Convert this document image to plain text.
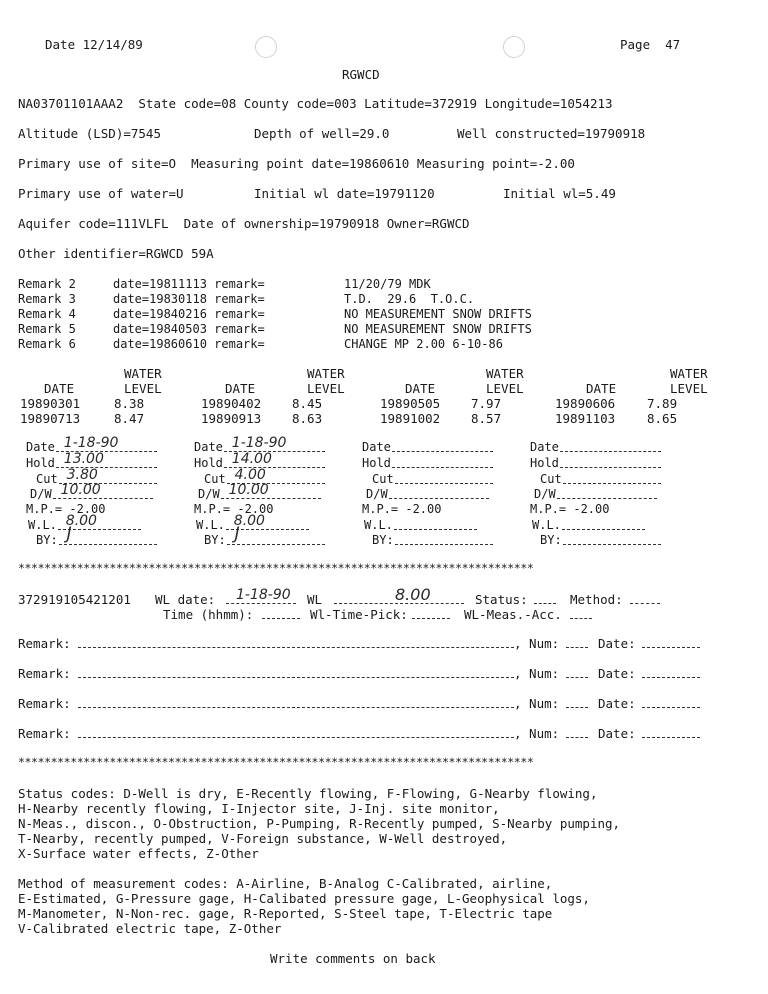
Date 12/14/89	Page  47
RGWCD
NA03701101AAA2  State code=08 County code=003 Latitude=372919 Longitude=1054213
Altitude (LSD)=7545	Depth of well=29.0	Well constructed=19790918
Primary use of site=O  Measuring point date=19860610 Measuring point=-2.00
Primary use of water=U	Initial wl date=19791120	Initial wl=5.49
Aquifer code=111VLFL  Date of ownership=19790918 Owner=RGWCD
Other identifier=RGWCD 59A
Remark 2	date=19811113 remark=	11/20/79 MDK
Remark 3	date=19830118 remark=	T.D.  29.6  T.O.C.
Remark 4	date=19840216 remark=	NO MEASUREMENT SNOW DRIFTS
Remark 5	date=19840503 remark=	NO MEASUREMENT SNOW DRIFTS
Remark 6	date=19860610 remark=	CHANGE MP 2.00 6-10-86
WATER	WATER	WATER	WATER
DATE	LEVEL	DATE	LEVEL	DATE	LEVEL	DATE	LEVEL
19890301	8.38	19890402 8.45	19890505 7.97	19890606	7.89
19890713	8.47	19890913 8.63	19891002 8.57	19891103	8.65
Date 1-18-90
Hold 13.00
Cut 3.80
D/W 10.00
M.P.= -2.00
W.L. 8.00
BY: J
Date 1-18-90
Hold 14.00
Cut 4.00
D/W 10.00
M.P.= -2.00
W.L. 8.00
BY: J
Date
Hold
Cut
D/W
M.P.= -2.00
W.L.
BY:
Date
Hold
Cut
D/W
M.P.= -2.00
W.L.
BY:
*******************************************************************************
372919105421201 WL date: 1-18-90 WL	8.00	Status:	Method:
Time (hhmm):	Wl-Time-Pick:	WL-Meas.-Acc.
Remark:	, Num:	Date:
Remark:	, Num:	Date:
Remark:	, Num:	Date:
Remark:	, Num:	Date:
*******************************************************************************
Status codes: D-Well is dry, E-Recently flowing, F-Flowing, G-Nearby flowing,
H-Nearby recently flowing, I-Injector site, J-Inj. site monitor,
N-Meas., discon., O-Obstruction, P-Pumping, R-Recently pumped, S-Nearby pumping,
T-Nearby, recently pumped, V-Foreign substance, W-Well destroyed,
X-Surface water effects, Z-Other
Method of measurement codes: A-Airline, B-Analog C-Calibrated, airline,
E-Estimated, G-Pressure gage, H-Calibated pressure gage, L-Geophysical logs,
M-Manometer, N-Non-rec. gage, R-Reported, S-Steel tape, T-Electric tape
V-Calibrated electric tape, Z-Other
Write comments on back
